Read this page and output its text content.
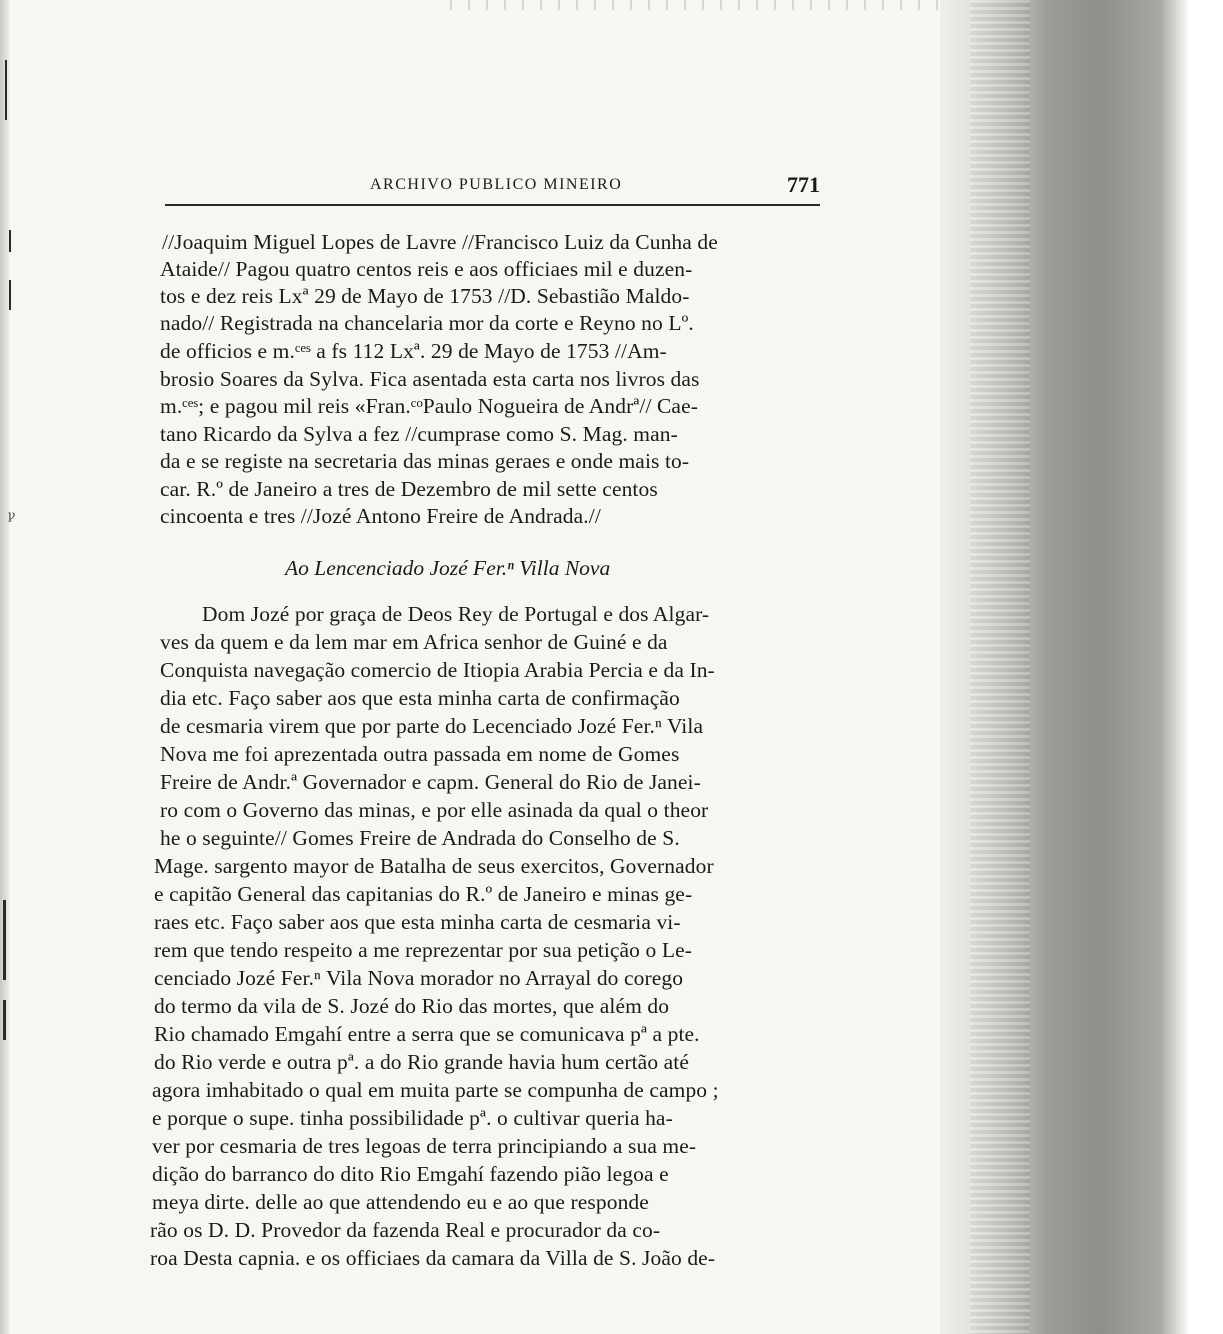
ꝩ
ARCHIVO PUBLICO MINEIRO	771
//Joaquim Miguel Lopes de Lavre //Francisco Luiz da Cunha de
Ataide// Pagou quatro centos reis e aos officiaes mil e duzen-
tos e dez reis Lxª 29 de Mayo de 1753 //D. Sebastião Maldo-
nado// Registrada na chancelaria mor da corte e Reyno no Lº.
de officios e m.ᶜᵉˢ a fs 112 Lxª. 29 de Mayo de 1753 //Am-
brosio Soares da Sylva. Fica asentada esta carta nos livros das
m.ᶜᵉˢ; e pagou mil reis «Fran.ᶜᵒPaulo Nogueira de Andrª// Cae-
tano Ricardo da Sylva a fez //cumprase como S. Mag. man-
da e se registe na secretaria das minas geraes e onde mais to-
car. R.º de Janeiro a tres de Dezembro de mil sette centos
cincoenta e tres //Jozé Antono Freire de Andrada.//
Ao Lencenciado Jozé Fer.ⁿ Villa Nova
Dom Jozé por graça de Deos Rey de Portugal e dos Algar-
ves da quem e da lem mar em Africa senhor de Guiné e da
Conquista navegação comercio de Itiopia Arabia Percia e da In-
dia etc. Faço saber aos que esta minha carta de confirmação
de cesmaria virem que por parte do Lecenciado Jozé Fer.ⁿ Vila
Nova me foi aprezentada outra passada em nome de Gomes
Freire de Andr.ª Governador e capm. General do Rio de Janei-
ro com o Governo das minas, e por elle asinada da qual o theor
he o seguinte// Gomes Freire de Andrada do Conselho de S.
Mage. sargento mayor de Batalha de seus exercitos, Governador
e capitão General das capitanias do R.º de Janeiro e minas ge-
raes etc. Faço saber aos que esta minha carta de cesmaria vi-
rem que tendo respeito a me reprezentar por sua petição o Le-
cenciado Jozé Fer.ⁿ Vila Nova morador no Arrayal do corego
do termo da vila de S. Jozé do Rio das mortes, que além do
Rio chamado Emgahí entre a serra que se comunicava pª a pte.
do Rio verde e outra pª. a do Rio grande havia hum certão até
agora imhabitado o qual em muita parte se compunha de campo ;
e porque o supe. tinha possibilidade pª. o cultivar queria ha-
ver por cesmaria de tres legoas de terra principiando a sua me-
dição do barranco do dito Rio Emgahí fazendo pião legoa e
meya dirte. delle ao que attendendo eu e ao que responde
rão os D. D. Provedor da fazenda Real e procurador da co-
roa Desta capnia. e os officiaes da camara da Villa de S. João de-
